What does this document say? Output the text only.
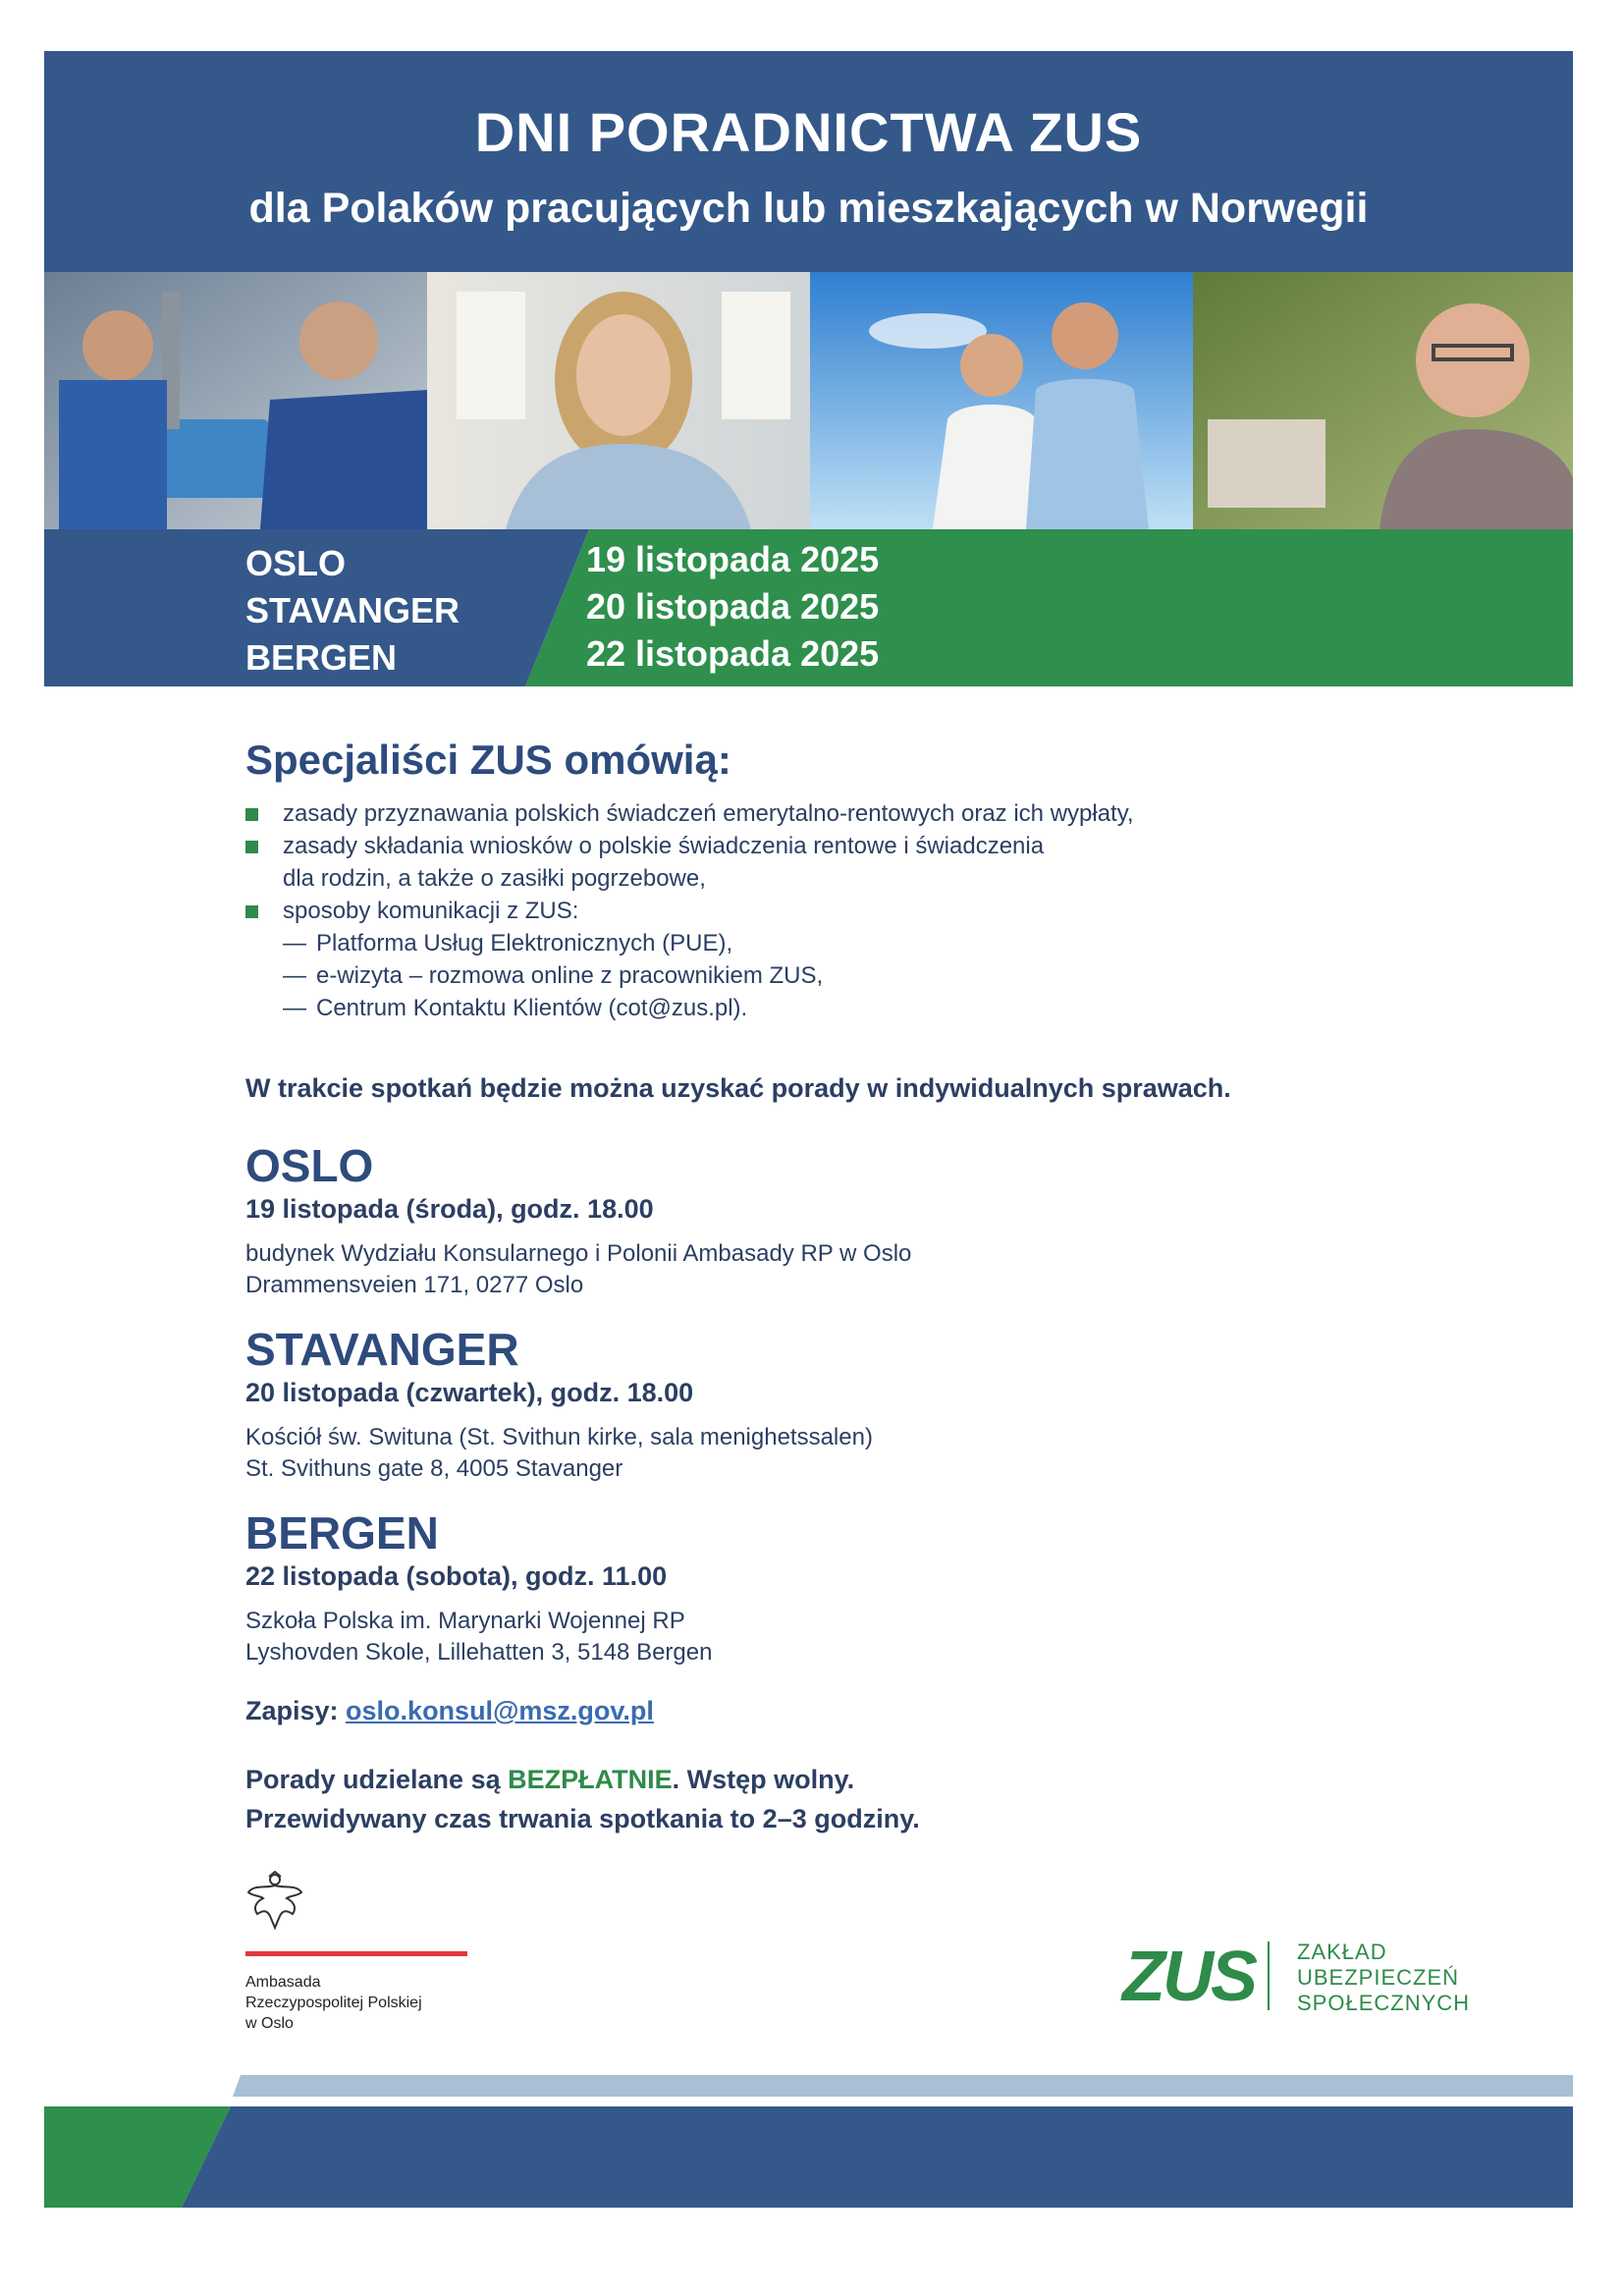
DNI PORADNICTWA ZUS
dla Polaków pracujących lub mieszkających w Norwegii
OSLO
STAVANGER
BERGEN
19 listopada 2025
20 listopada 2025
22 listopada 2025
Specjaliści ZUS omówią:
zasady przyznawania polskich świadczeń emerytalno-rentowych oraz ich wypłaty,
zasady składania wniosków o polskie świadczenia rentowe i świadczenia
dla rodzin, a także o zasiłki pogrzebowe,
sposoby komunikacji z ZUS:
— Platforma Usług Elektronicznych (PUE),
— e-wizyta – rozmowa online z pracownikiem ZUS,
— Centrum Kontaktu Klientów (cot@zus.pl).
W trakcie spotkań będzie można uzyskać porady w indywidualnych sprawach.
OSLO
19 listopada (środa), godz. 18.00
budynek Wydziału Konsularnego i Polonii Ambasady RP w Oslo
Drammensveien 171, 0277 Oslo
STAVANGER
20 listopada (czwartek), godz. 18.00
Kościół św. Swituna (St. Svithun kirke, sala menighetssalen)
St. Svithuns gate 8, 4005 Stavanger
BERGEN
22 listopada (sobota), godz. 11.00
Szkoła Polska im. Marynarki Wojennej RP
Lyshovden Skole, Lillehatten 3, 5148 Bergen
Zapisy: oslo.konsul@msz.gov.pl
Porady udzielane są BEZPŁATNIE. Wstęp wolny.
Przewidywany czas trwania spotkania to 2–3 godziny.
Ambasada
Rzeczypospolitej Polskiej
w Oslo
ZUS ZAKŁAD
UBEZPIECZEŃ
SPOŁECZNYCH
